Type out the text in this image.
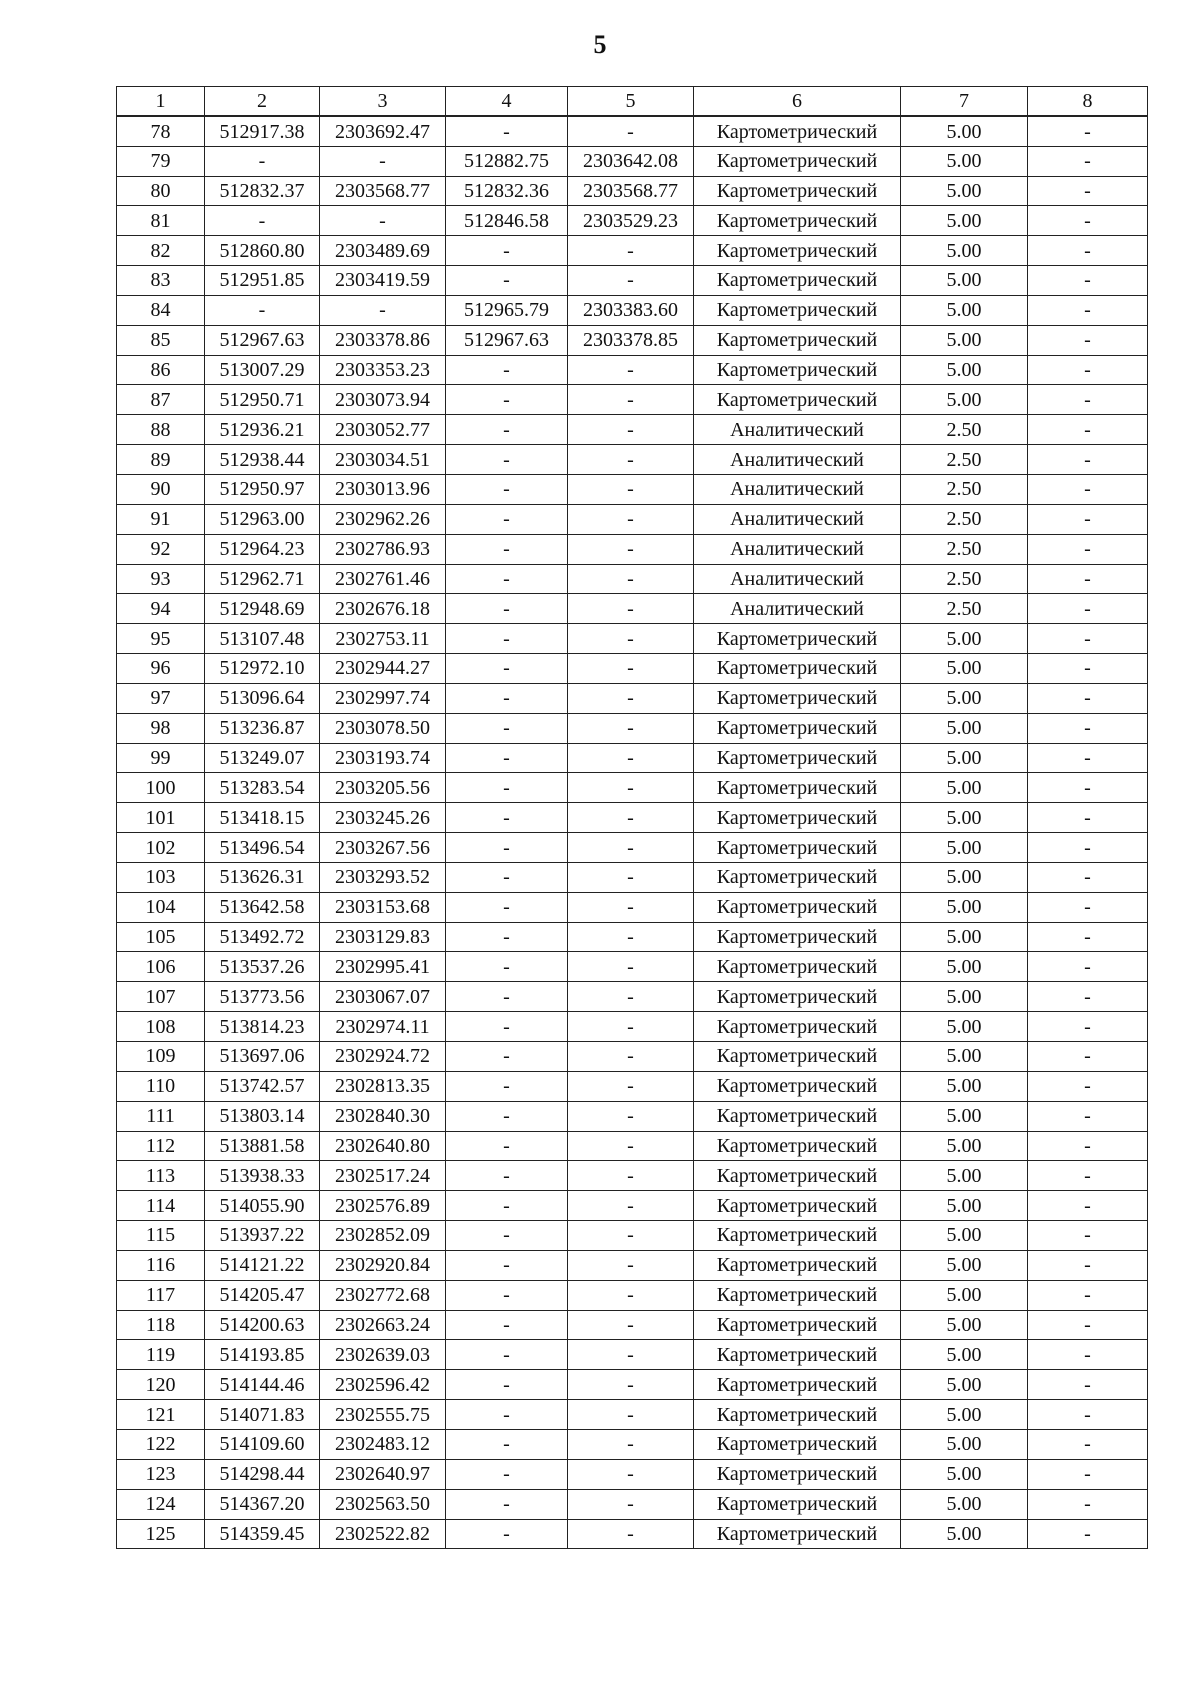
5
1	2	3	4	5	6	7	8
78	512917.38	2303692.47	-	-	Картометрический	5.00	-
79	-	-	512882.75	2303642.08	Картометрический	5.00	-
80	512832.37	2303568.77	512832.36	2303568.77	Картометрический	5.00	-
81	-	-	512846.58	2303529.23	Картометрический	5.00	-
82	512860.80	2303489.69	-	-	Картометрический	5.00	-
83	512951.85	2303419.59	-	-	Картометрический	5.00	-
84	-	-	512965.79	2303383.60	Картометрический	5.00	-
85	512967.63	2303378.86	512967.63	2303378.85	Картометрический	5.00	-
86	513007.29	2303353.23	-	-	Картометрический	5.00	-
87	512950.71	2303073.94	-	-	Картометрический	5.00	-
88	512936.21	2303052.77	-	-	Аналитический	2.50	-
89	512938.44	2303034.51	-	-	Аналитический	2.50	-
90	512950.97	2303013.96	-	-	Аналитический	2.50	-
91	512963.00	2302962.26	-	-	Аналитический	2.50	-
92	512964.23	2302786.93	-	-	Аналитический	2.50	-
93	512962.71	2302761.46	-	-	Аналитический	2.50	-
94	512948.69	2302676.18	-	-	Аналитический	2.50	-
95	513107.48	2302753.11	-	-	Картометрический	5.00	-
96	512972.10	2302944.27	-	-	Картометрический	5.00	-
97	513096.64	2302997.74	-	-	Картометрический	5.00	-
98	513236.87	2303078.50	-	-	Картометрический	5.00	-
99	513249.07	2303193.74	-	-	Картометрический	5.00	-
100	513283.54	2303205.56	-	-	Картометрический	5.00	-
101	513418.15	2303245.26	-	-	Картометрический	5.00	-
102	513496.54	2303267.56	-	-	Картометрический	5.00	-
103	513626.31	2303293.52	-	-	Картометрический	5.00	-
104	513642.58	2303153.68	-	-	Картометрический	5.00	-
105	513492.72	2303129.83	-	-	Картометрический	5.00	-
106	513537.26	2302995.41	-	-	Картометрический	5.00	-
107	513773.56	2303067.07	-	-	Картометрический	5.00	-
108	513814.23	2302974.11	-	-	Картометрический	5.00	-
109	513697.06	2302924.72	-	-	Картометрический	5.00	-
110	513742.57	2302813.35	-	-	Картометрический	5.00	-
111	513803.14	2302840.30	-	-	Картометрический	5.00	-
112	513881.58	2302640.80	-	-	Картометрический	5.00	-
113	513938.33	2302517.24	-	-	Картометрический	5.00	-
114	514055.90	2302576.89	-	-	Картометрический	5.00	-
115	513937.22	2302852.09	-	-	Картометрический	5.00	-
116	514121.22	2302920.84	-	-	Картометрический	5.00	-
117	514205.47	2302772.68	-	-	Картометрический	5.00	-
118	514200.63	2302663.24	-	-	Картометрический	5.00	-
119	514193.85	2302639.03	-	-	Картометрический	5.00	-
120	514144.46	2302596.42	-	-	Картометрический	5.00	-
121	514071.83	2302555.75	-	-	Картометрический	5.00	-
122	514109.60	2302483.12	-	-	Картометрический	5.00	-
123	514298.44	2302640.97	-	-	Картометрический	5.00	-
124	514367.20	2302563.50	-	-	Картометрический	5.00	-
125	514359.45	2302522.82	-	-	Картометрический	5.00	-
